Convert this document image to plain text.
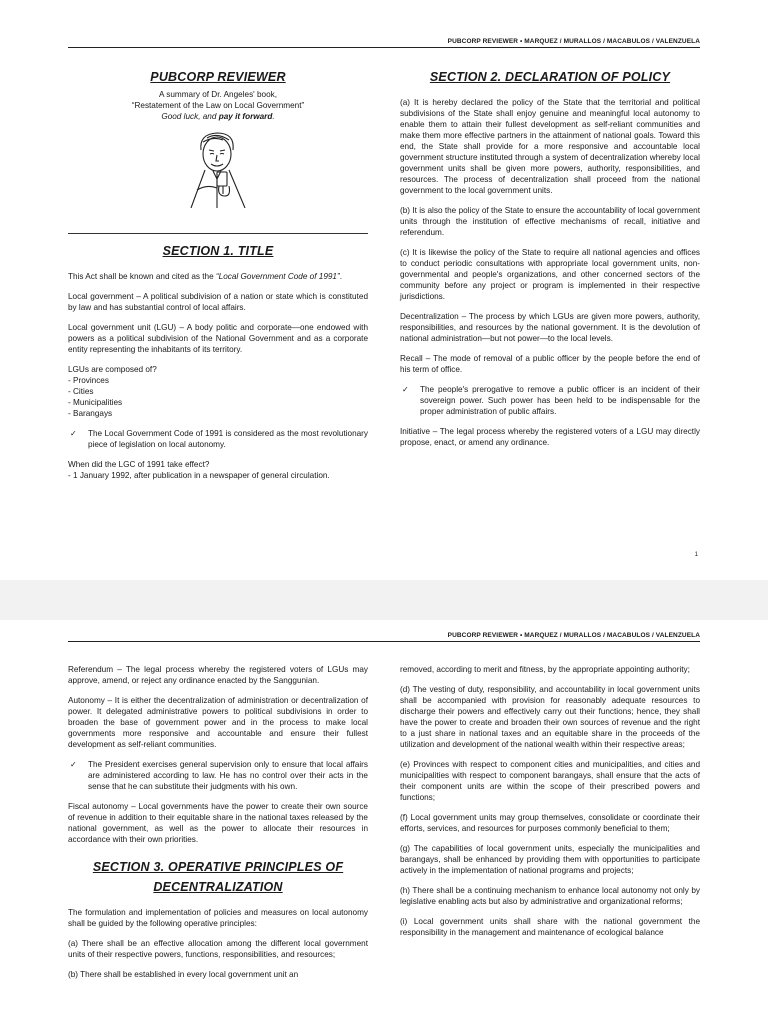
PUBCORP REVIEWER • MARQUEZ / MURALLOS / MACABULOS / VALENZUELA
PUBCORP REVIEWER
A summary of Dr. Angeles' book,
“Restatement of the Law on Local Government”
Good luck, and pay it forward.
SECTION 1. TITLE

This Act shall be known and cited as the “Local Government Code of 1991”.

Local government – A political subdivision of a nation or state which is constituted by law and has substantial control of local affairs.

Local government unit (LGU) – A body politic and corporate—one endowed with powers as a political subdivision of the National Government and as a corporate entity representing the inhabitants of its territory.

LGUs are composed of?
- Provinces
- Cities
- Municipalities
- Barangays
✓ The Local Government Code of 1991 is considered as the most revolutionary piece of legislation on local autonomy.
When did the LGC of 1991 take effect?
- 1 January 1992, after publication in a newspaper of general circulation.
SECTION 2. DECLARATION OF POLICY

(a) It is hereby declared the policy of the State that the territorial and political subdivisions of the State shall enjoy genuine and meaningful local autonomy to enable them to attain their fullest development as self-reliant communities and make them more effective partners in the attainment of national goals. Toward this end, the State shall provide for a more responsive and accountable local government structure instituted through a system of decentralization whereby local government units shall be given more powers, authority, responsibilities, and resources. The process of decentralization shall proceed from the national government to the local government units.

(b) It is also the policy of the State to ensure the accountability of local government units through the institution of effective mechanisms of recall, initiative and referendum.

(c) It is likewise the policy of the State to require all national agencies and offices to conduct periodic consultations with appropriate local government units, non-governmental and people's organizations, and other concerned sectors of the community before any project or program is implemented in their respective jurisdictions.

Decentralization – The process by which LGUs are given more powers, authority, responsibilities, and resources by the national government. It is the devolution of national administration—but not power—to the local levels.

Recall – The mode of removal of a public officer by the people before the end of his term of office.

✓ The people's prerogative to remove a public officer is an incident of their sovereign power. Such power has been held to be indispensable for the proper administration of public affairs.

Initiative – The legal process whereby the registered voters of a LGU may directly propose, enact, or amend any ordinance.

1
PUBCORP REVIEWER • MARQUEZ / MURALLOS / MACABULOS / VALENZUELA

Referendum – The legal process whereby the registered voters of LGUs may approve, amend, or reject any ordinance enacted by the Sanggunian.

Autonomy – It is either the decentralization of administration or decentralization of power. It delegated administrative powers to political subdivisions in order to broaden the base of government power and in the process to make local governments more responsive and accountable and ensure their fullest development as self-reliant communities.

✓ The President exercises general supervision only to ensure that local affairs are administered according to law. He has no control over their acts in the sense that he can substitute their judgments with his own.

Fiscal autonomy – Local governments have the power to create their own source of revenue in addition to their equitable share in the national taxes released by the national government, as well as the power to allocate their resources in accordance with their own priorities.

SECTION 3. OPERATIVE PRINCIPLES OF
DECENTRALIZATION

The formulation and implementation of policies and measures on local autonomy shall be guided by the following operative principles:

(a) There shall be an effective allocation among the different local government units of their respective powers, functions, responsibilities, and resources;

(b) There shall be established in every local government unit an

removed, according to merit and fitness, by the appropriate appointing authority;

(d) The vesting of duty, responsibility, and accountability in local government units shall be accompanied with provision for reasonably adequate resources to discharge their powers and effectively carry out their functions; hence, they shall have the power to create and broaden their own sources of revenue and the right to a just share in national taxes and an equitable share in the proceeds of the utilization and development of the national wealth within their respective areas;

(e) Provinces with respect to component cities and municipalities, and cities and municipalities with respect to component barangays, shall ensure that the acts of their component units are within the scope of their prescribed powers and functions;

(f) Local government units may group themselves, consolidate or coordinate their efforts, services, and resources for purposes commonly beneficial to them;

(g) The capabilities of local government units, especially the municipalities and barangays, shall be enhanced by providing them with opportunities to participate actively in the implementation of national programs and projects;

(h) There shall be a continuing mechanism to enhance local autonomy not only by legislative enabling acts but also by administrative and organizational reforms;

(i) Local government units shall share with the national government the responsibility in the management and maintenance of ecological balance
